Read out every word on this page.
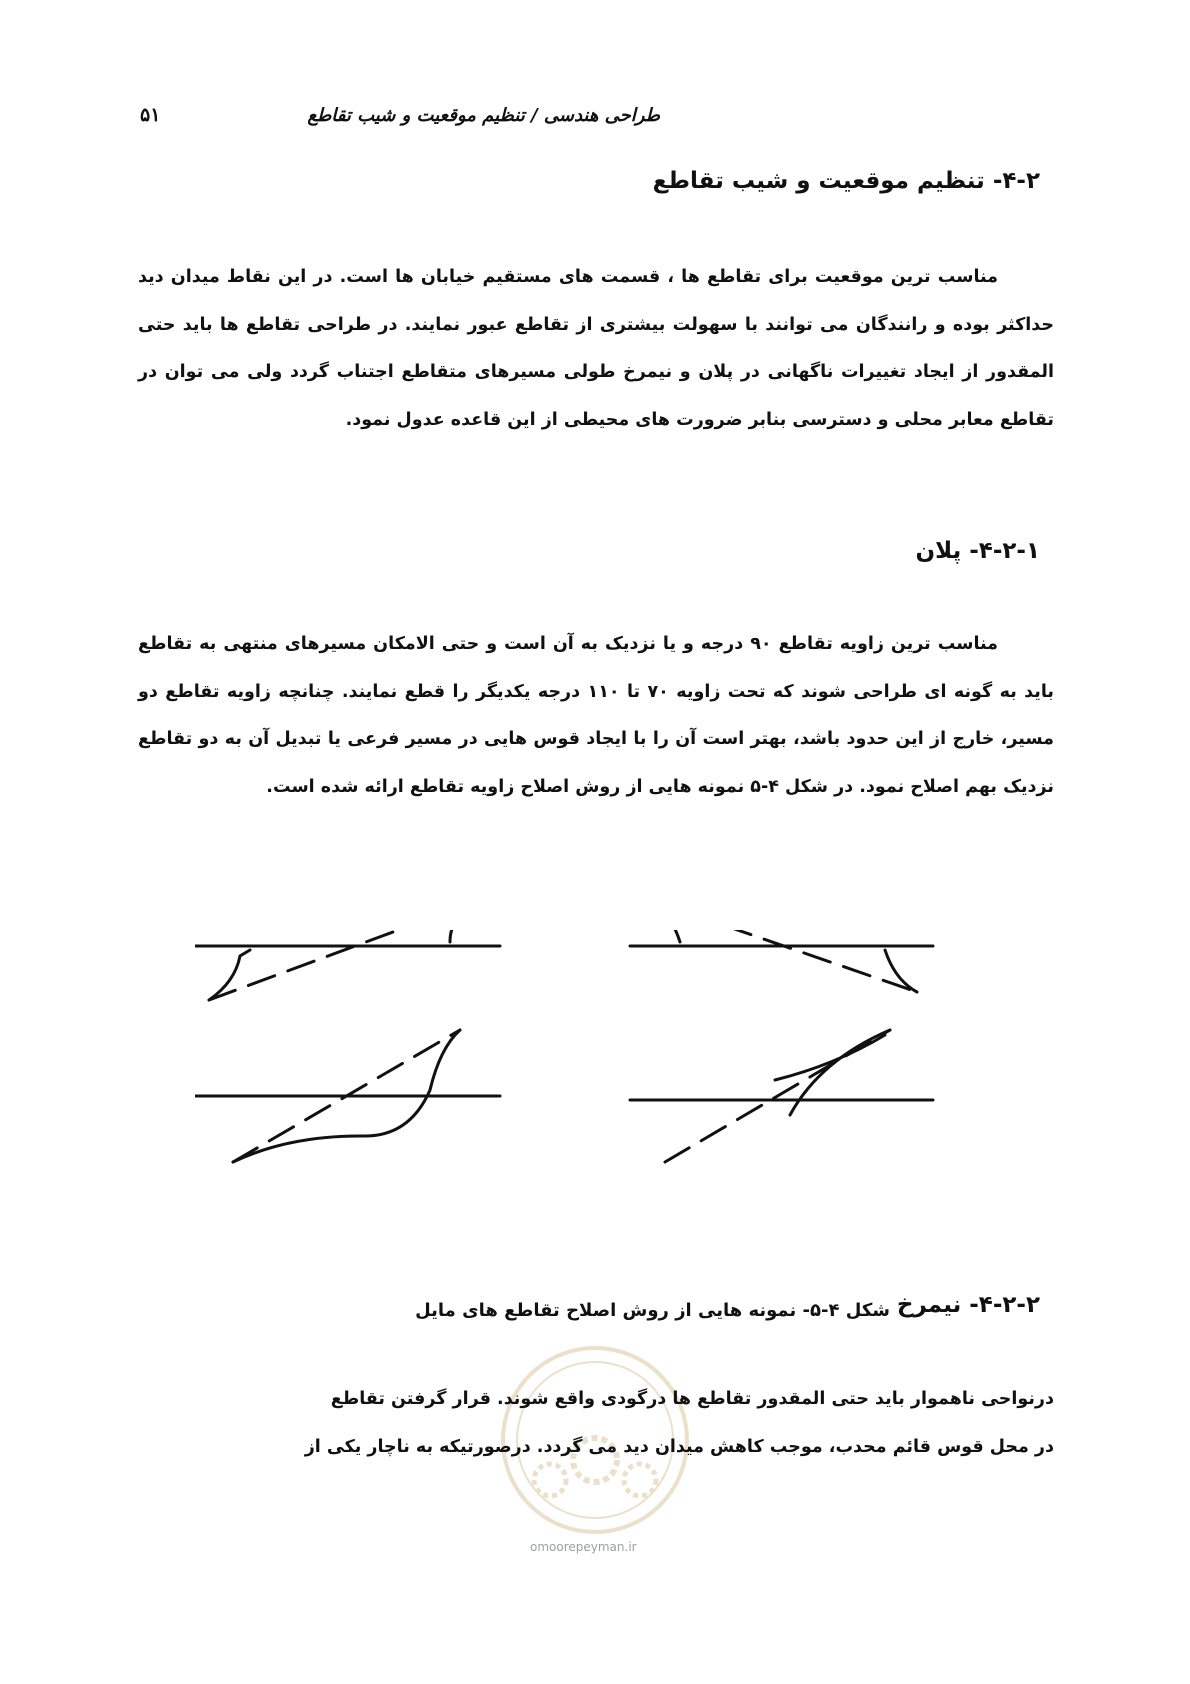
۵۱	طراحی هندسی / تنظیم موقعیت و شیب تقاطع
۴-۲- تنظیم موقعیت و شیب تقاطع
مناسب ترین موقعیت برای تقاطع ها ، قسمت های مستقیم خیابان ها است. در این نقاط میدان دید حداکثر بوده و رانندگان می توانند با سهولت بیشتری از تقاطع عبور نمایند. در طراحی تقاطع ها باید حتی المقدور از ایجاد تغییرات ناگهانی در پلان و نیمرخ طولی مسیرهای متقاطع اجتناب گردد ولی می توان در تقاطع معابر محلی و دسترسی بنابر ضرورت های محیطی از این قاعده عدول نمود.
۴-۲-۱- پلان
مناسب ترین زاویه تقاطع ۹۰ درجه و یا نزدیک به آن است و حتی الامکان مسیرهای منتهی به تقاطع باید به گونه ای طراحی شوند که تحت زاویه ۷۰ تا ۱۱۰ درجه یکدیگر را قطع نمایند. چنانچه زاویه تقاطع دو مسیر، خارج از این حدود باشد، بهتر است آن را با ایجاد قوس هایی در مسیر فرعی یا تبدیل آن به دو تقاطع نزدیک بهم اصلاح نمود. در شکل ۴-۵ نمونه هایی از روش اصلاح زاویه تقاطع ارائه شده است.
شکل ۴-۵- نمونه هایی از روش اصلاح تقاطع های مایل ۴-۲-۲- نیمرخ
درنواحی ناهموار باید حتی المقدور تقاطع ها درگودی واقع شوند. قرار گرفتن تقاطع
در محل قوس قائم محدب، موجب کاهش میدان دید می گردد. درصورتیکه به ناچار یکی از
omoorepeyman.ir
